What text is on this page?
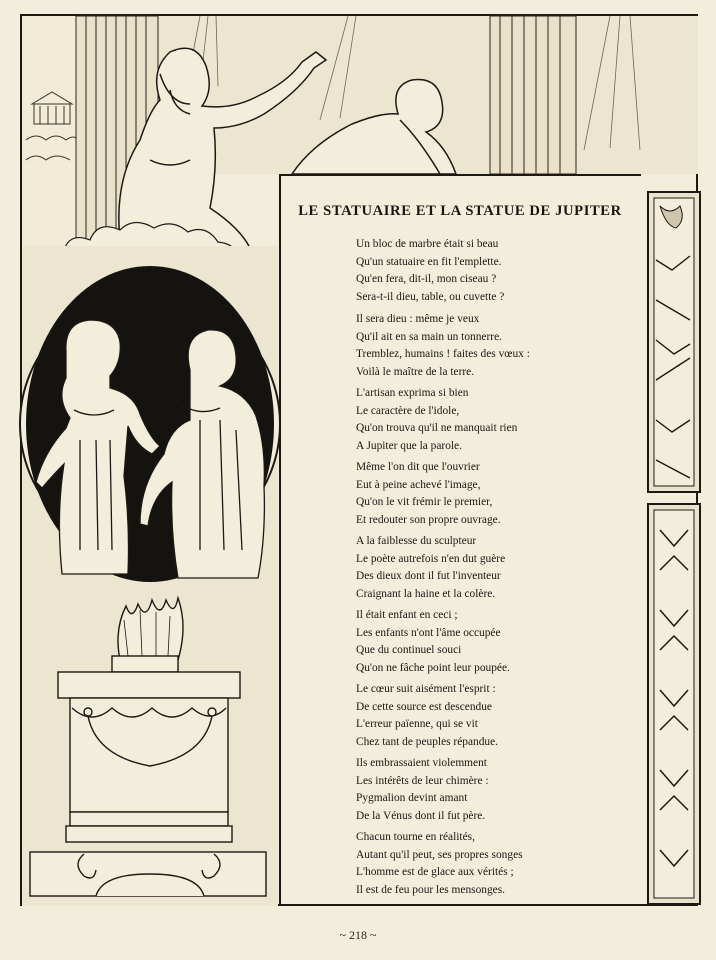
LE STATUAIRE ET LA STATUE DE JUPITER
Un bloc de marbre était si beau
Qu'un statuaire en fit l'emplette.
Qu'en fera, dit-il, mon ciseau ?
Sera-t-il dieu, table, ou cuvette ?
Il sera dieu : même je veux
Qu'il ait en sa main un tonnerre.
Tremblez, humains ! faites des vœux :
Voilà le maître de la terre.
L'artisan exprima si bien
Le caractère de l'idole,
Qu'on trouva qu'il ne manquait rien
A Jupiter que la parole.
Même l'on dit que l'ouvrier
Eut à peine achevé l'image,
Qu'on le vit frémir le premier,
Et redouter son propre ouvrage.
A la faiblesse du sculpteur
Le poète autrefois n'en dut guère
Des dieux dont il fut l'inventeur
Craignant la haine et la colère.
Il était enfant en ceci ;
Les enfants n'ont l'âme occupée
Que du continuel souci
Qu'on ne fâche point leur poupée.
Le cœur suit aisément l'esprit :
De cette source est descendue
L'erreur païenne, qui se vit
Chez tant de peuples répandue.
Ils embrassaient violemment
Les intérêts de leur chimère :
Pygmalion devint amant
De la Vénus dont il fut père.
Chacun tourne en réalités,
Autant qu'il peut, ses propres songes
L'homme est de glace aux vérités ;
Il est de feu pour les mensonges.
~ 218 ~
